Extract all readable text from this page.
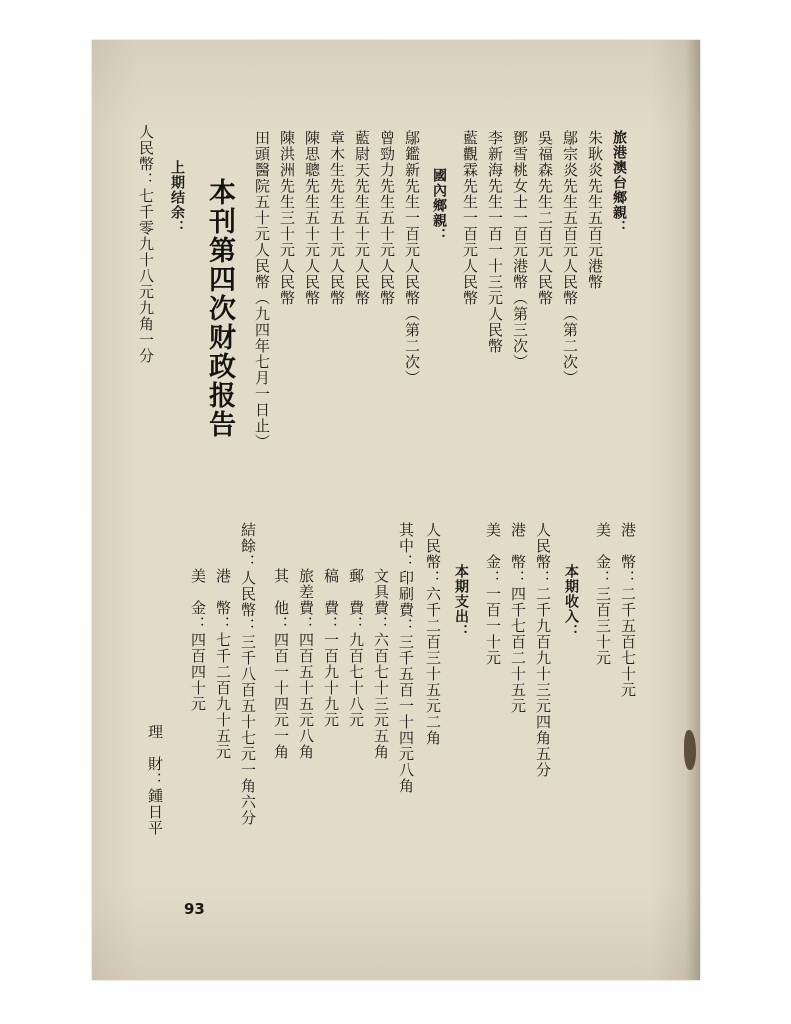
旅港澳台鄉親：
朱耿炎先生五百元港幣
鄔宗炎先生五百元人民幣（第二次）
吳福森先生二百元人民幣
鄧雪桃女士一百元港幣（第三次）
李新海先生一百一十三元人民幣
藍觀霖先生一百元人民幣
國內鄉親：
鄔鑑新先生一百元人民幣（第二次）
曾勁力先生五十元人民幣
藍尉天先生五十元人民幣
章木生先生五十元人民幣
陳思聰先生五十元人民幣
陳洪洲先生三十元人民幣
田頭醫院五十元人民幣（九四年七月一日止）
本刊第四次财政报告
上期结余：
人民幣：七千零九十八元九角一分
港　幣：二千五百七十元
美　金：三百三十元
本期收入：
人民幣：二千九百九十三元四角五分
港　幣：四千七百二十五元
美　金：一百一十元
本期支出：
人民幣：六千二百三十五元二角
其中：印刷費：三千五百一十四元八角
文具費：六百七十三元五角
郵　費：九百七十八元
稿　費：一百九十九元
旅差費：四百五十五元八角
其　他：四百一十四元一角
結餘：人民幣：三千八百五十七元一角六分
港　幣：七千二百九十五元
美　金：四百四十元
理　財：鍾日平
93
